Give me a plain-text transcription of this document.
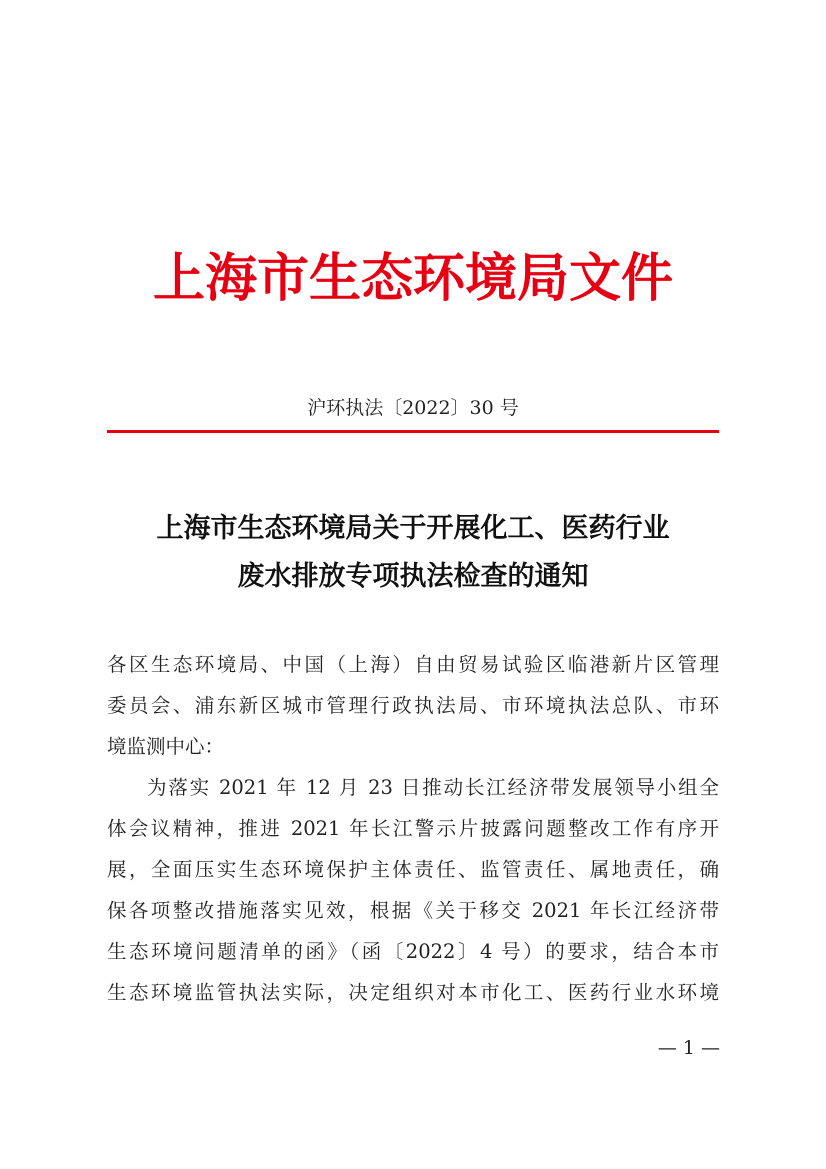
上海市生态环境局文件
沪环执法〔2022〕30 号
上海市生态环境局关于开展化工、医药行业
废水排放专项执法检查的通知
各区生态环境局、中国（上海）自由贸易试验区临港新片区管理
委员会、浦东新区城市管理行政执法局、市环境执法总队、市环
境监测中心：
为落实 2021 年 12 月 23 日推动长江经济带发展领导小组全
体会议精神，推进 2021 年长江警示片披露问题整改工作有序开
展，全面压实生态环境保护主体责任、监管责任、属地责任，确
保各项整改措施落实见效，根据《关于移交 2021 年长江经济带
生态环境问题清单的函》（函〔2022〕4 号）的要求，结合本市
生态环境监管执法实际，决定组织对本市化工、医药行业水环境
— 1 —
